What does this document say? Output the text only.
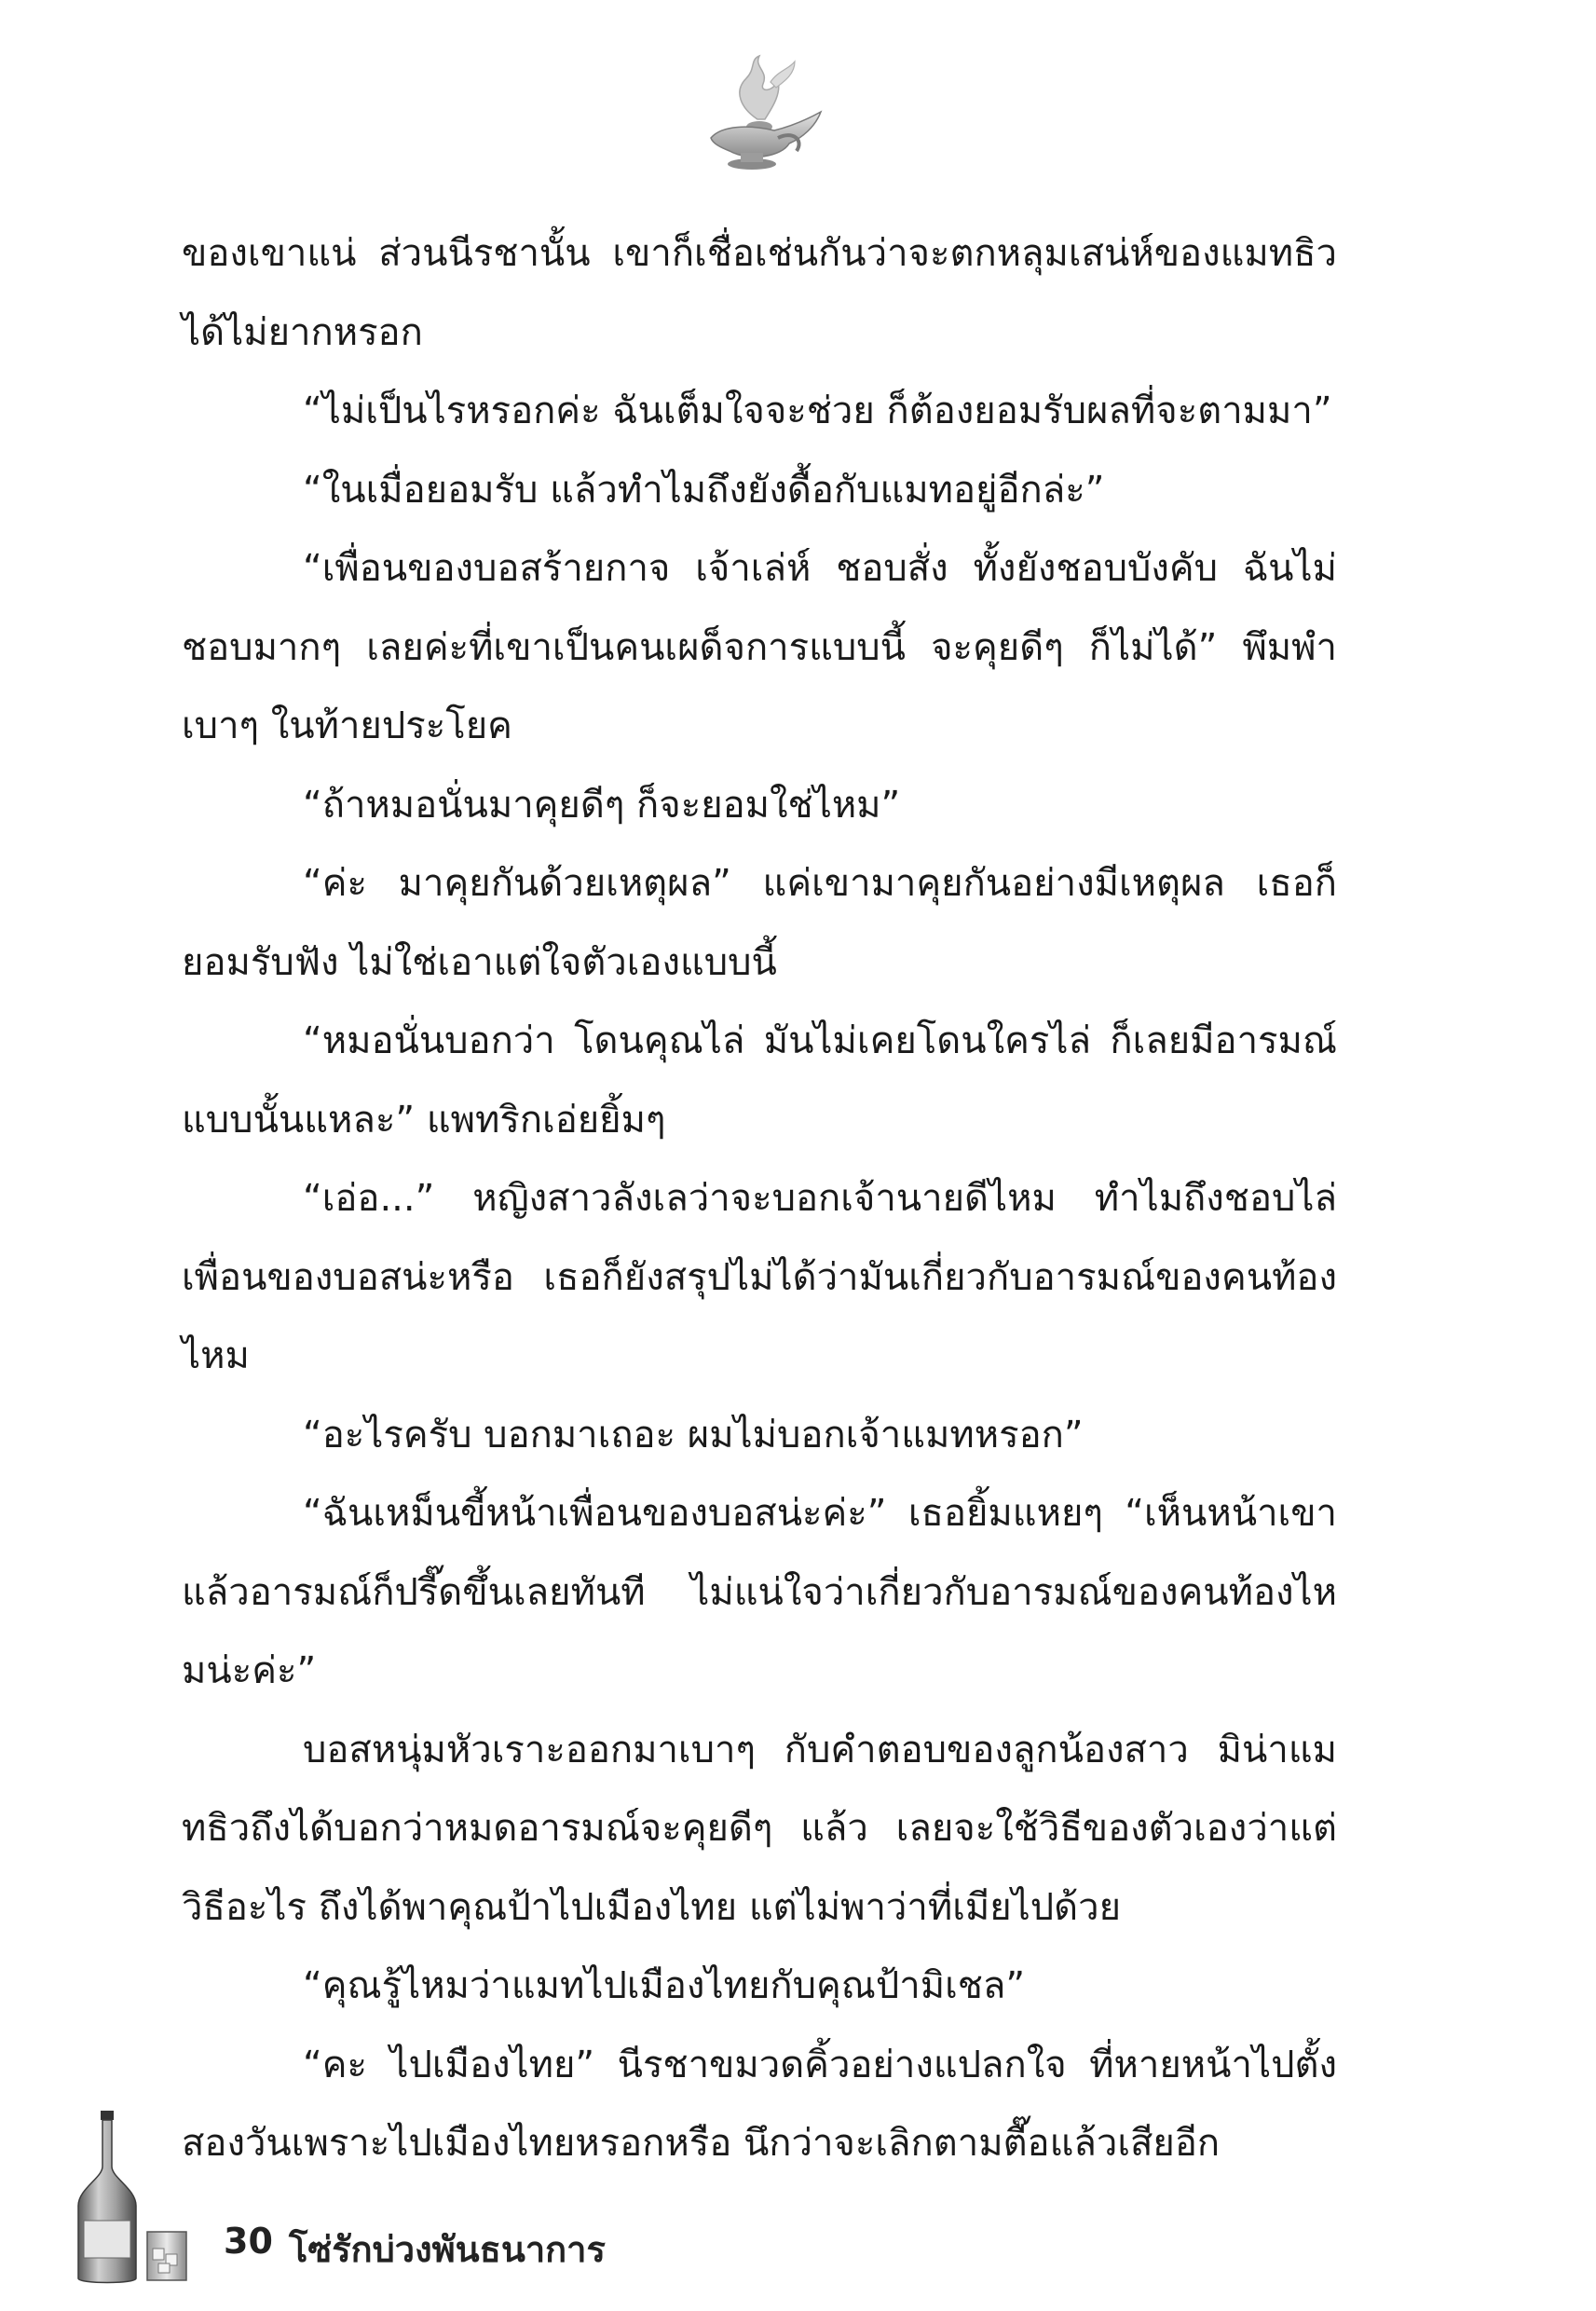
ของเขาแน่ ส่วนนีรชานั้น เขาก็เชื่อเช่นกันว่าจะตกหลุมเสน่ห์ของแมทธิวได้ไม่ยากหรอก

“ไม่เป็นไรหรอกค่ะ ฉันเต็มใจจะช่วย ก็ต้องยอมรับผลที่จะตามมา”

“ในเมื่อยอมรับ แล้วทำไมถึงยังดื้อกับแมทอยู่อีกล่ะ”

“เพื่อนของบอสร้ายกาจ เจ้าเล่ห์ ชอบสั่ง ทั้งยังชอบบังคับ ฉันไม่ชอบมากๆ เลยค่ะที่เขาเป็นคนเผด็จการแบบนี้ จะคุยดีๆ ก็ไม่ได้” พึมพำเบาๆ ในท้ายประโยค

“ถ้าหมอนั่นมาคุยดีๆ ก็จะยอมใช่ไหม”

“ค่ะ มาคุยกันด้วยเหตุผล” แค่เขามาคุยกันอย่างมีเหตุผล เธอก็ยอมรับฟัง ไม่ใช่เอาแต่ใจตัวเองแบบนี้

“หมอนั่นบอกว่า โดนคุณไล่ มันไม่เคยโดนใครไล่ ก็เลยมีอารมณ์แบบนั้นแหละ” แพทริกเอ่ยยิ้มๆ

“เอ่อ...” หญิงสาวลังเลว่าจะบอกเจ้านายดีไหม ทำไมถึงชอบไล่เพื่อนของบอสน่ะหรือ เธอก็ยังสรุปไม่ได้ว่ามันเกี่ยวกับอารมณ์ของคนท้องไหม

“อะไรครับ บอกมาเถอะ ผมไม่บอกเจ้าแมทหรอก”

“ฉันเหม็นขี้หน้าเพื่อนของบอสน่ะค่ะ” เธอยิ้มแหยๆ “เห็นหน้าเขาแล้วอารมณ์ก็ปรี๊ดขึ้นเลยทันที ไม่แน่ใจว่าเกี่ยวกับอารมณ์ของคนท้องไหมน่ะค่ะ”

บอสหนุ่มหัวเราะออกมาเบาๆ กับคำตอบของลูกน้องสาว มิน่าแมทธิวถึงได้บอกว่าหมดอารมณ์จะคุยดีๆ แล้ว เลยจะใช้วิธีของตัวเองว่าแต่วิธีอะไร ถึงได้พาคุณป้าไปเมืองไทย แต่ไม่พาว่าที่เมียไปด้วย

“คุณรู้ไหมว่าแมทไปเมืองไทยกับคุณป้ามิเชล”

“คะ ไปเมืองไทย” นีรชาขมวดคิ้วอย่างแปลกใจ ที่หายหน้าไปตั้งสองวันเพราะไปเมืองไทยหรอกหรือ นึกว่าจะเลิกตามตื๊อแล้วเสียอีก

30 โซ่รักบ่วงพันธนาการ
